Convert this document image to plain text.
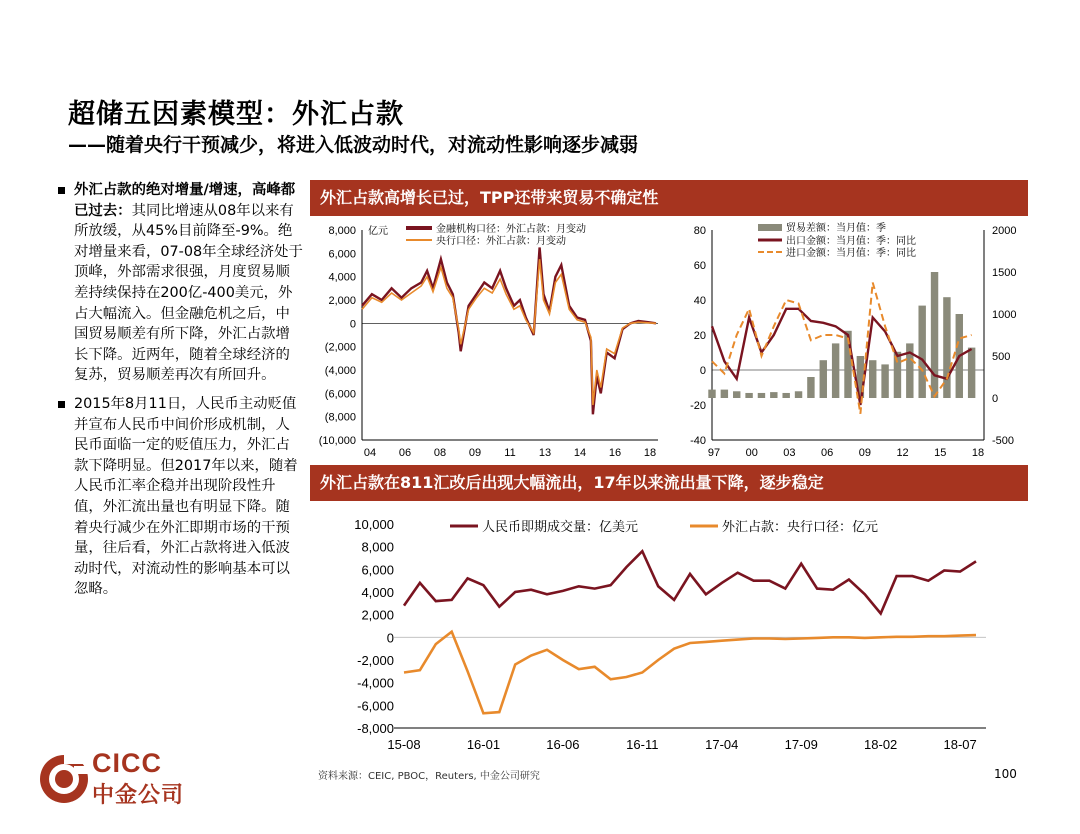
超储五因素模型：外汇占款
——随着央行干预减少，将进入低波动时代，对流动性影响逐步减弱
外汇占款的绝对增量/增速，高峰都已过去：其同比增速从08年以来有所放缓，从45%目前降至-9%。绝对增量来看，07-08年全球经济处于顶峰，外部需求很强，月度贸易顺差持续保持在200亿-400美元，外占大幅流入。但金融危机之后，中国贸易顺差有所下降，外汇占款增长下降。近两年，随着全球经济的复苏，贸易顺差再次有所回升。
2015年8月11日，人民币主动贬值并宣布人民币中间价形成机制，人民币面临一定的贬值压力，外汇占款下降明显。但2017年以来，随着人民币汇率企稳并出现阶段性升值，外汇流出量也有明显下降。随着央行减少在外汇即期市场的干预量，往后看，外汇占款将进入低波动时代，对流动性的影响基本可以忽略。
外汇占款高增长已过，TPP还带来贸易不确定性
外汇占款在811汇改后出现大幅流出，17年以来流出量下降，逐步稳定
8,000
6,000
4,000
2,000
0
(2,000
(4,000
(6,000
(8,000
(10,000
04 06 08 09 11 13 14 16 18
亿元	金融机构口径：外汇占款：月变动
央行口径：外汇占款：月变动
80
60
40
20
0
-20
-40
2000
1500
1000
500
0
-500
97 00 03 06 09 12 15 18
贸易差额：当月值：季
出口金额：当月值：季：同比
进口金额：当月值：季：同比
10,000
8,000
6,000
4,000
2,000
0
-2,000
-4,000
-6,000
-8,000
15-08	16-01	16-06	16-11	17-04	17-09	18-02	18-07
人民币即期成交量：亿美元	外汇占款：央行口径：亿元
资料来源：CEIC, PBOC，Reuters, 中金公司研究	100
CICC
中金公司
